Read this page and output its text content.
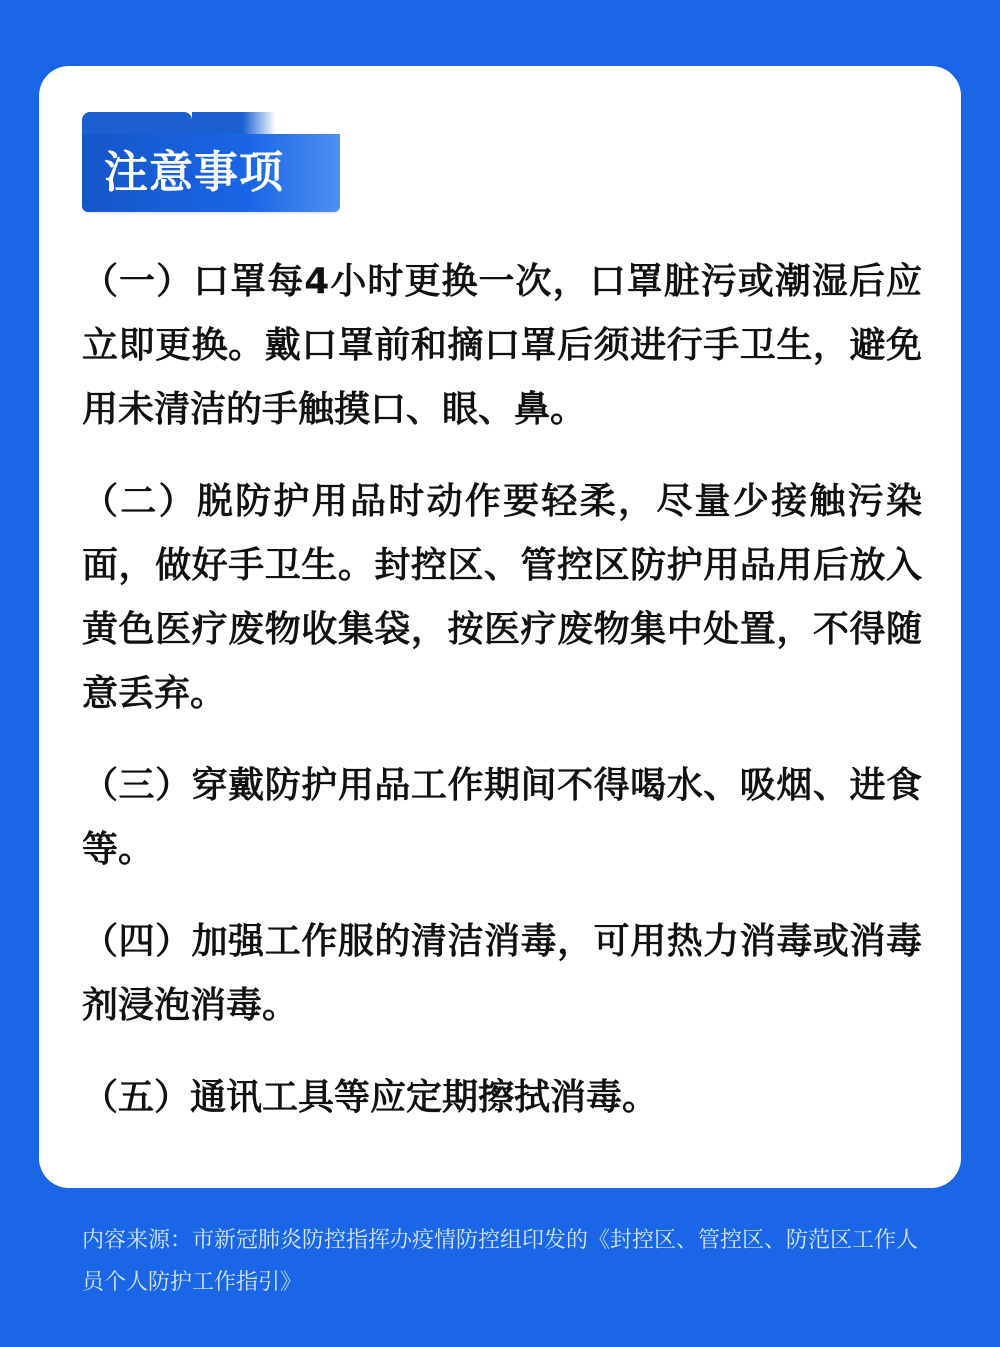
注意事项

（一）口罩每4小时更换一次，口罩脏污或潮湿后应立即更换。戴口罩前和摘口罩后须进行手卫生，避免用未清洁的手触摸口、眼、鼻。

（二）脱防护用品时动作要轻柔，尽量少接触污染面，做好手卫生。封控区、管控区防护用品用后放入黄色医疗废物收集袋，按医疗废物集中处置，不得随意丢弃。

（三）穿戴防护用品工作期间不得喝水、吸烟、进食等。

（四）加强工作服的清洁消毒，可用热力消毒或消毒剂浸泡消毒。

（五）通讯工具等应定期擦拭消毒。

内容来源：市新冠肺炎防控指挥办疫情防控组印发的《封控区、管控区、防范区工作人员个人防护工作指引》
